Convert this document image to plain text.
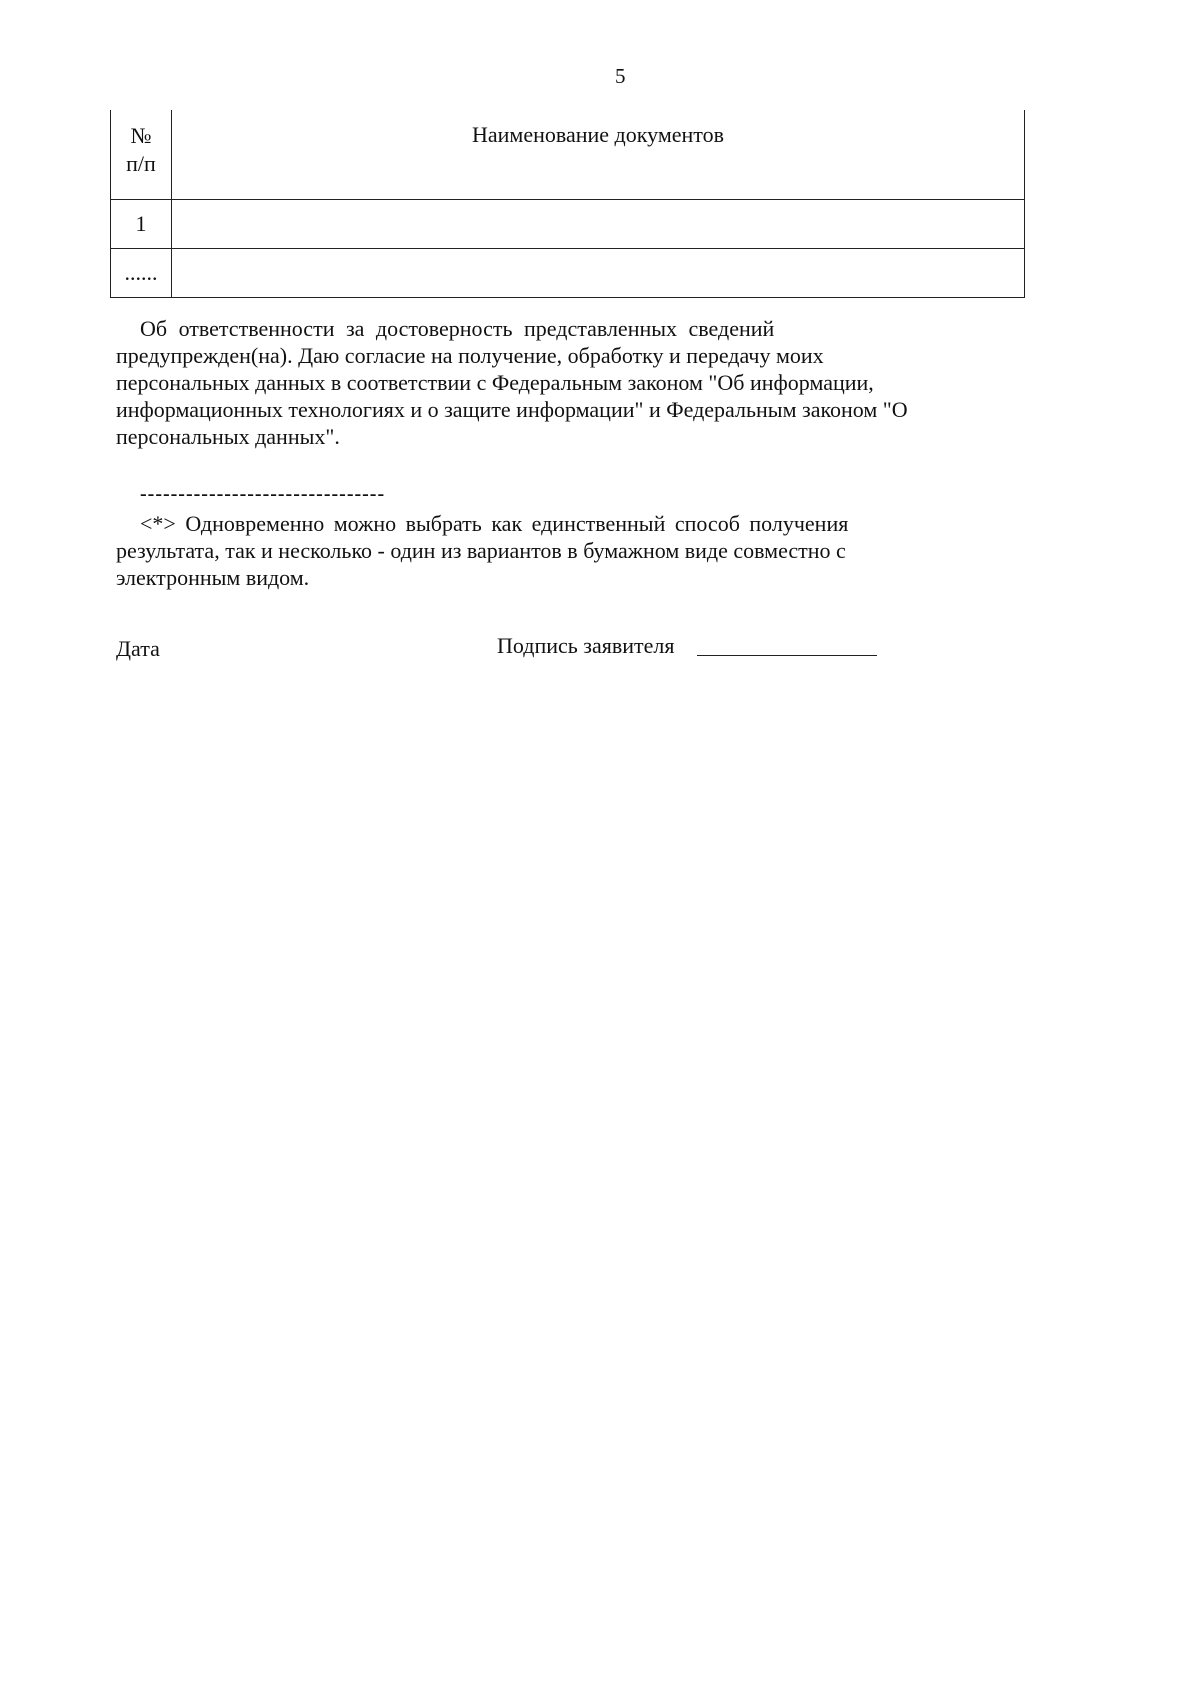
5
№
п/п	Наименование документов
1	
......	
Об ответственности за достоверность представленных сведений
предупрежден(на). Даю согласие на получение, обработку и передачу моих
персональных данных в соответствии с Федеральным законом "Об информации,
информационных технологиях и о защите информации" и Федеральным законом "О
персональных данных".
--------------------------------
<*> Одновременно можно выбрать как единственный способ получения
результата, так и несколько - один из вариантов в бумажном виде совместно с
электронным видом.
Дата	Подпись заявителя
